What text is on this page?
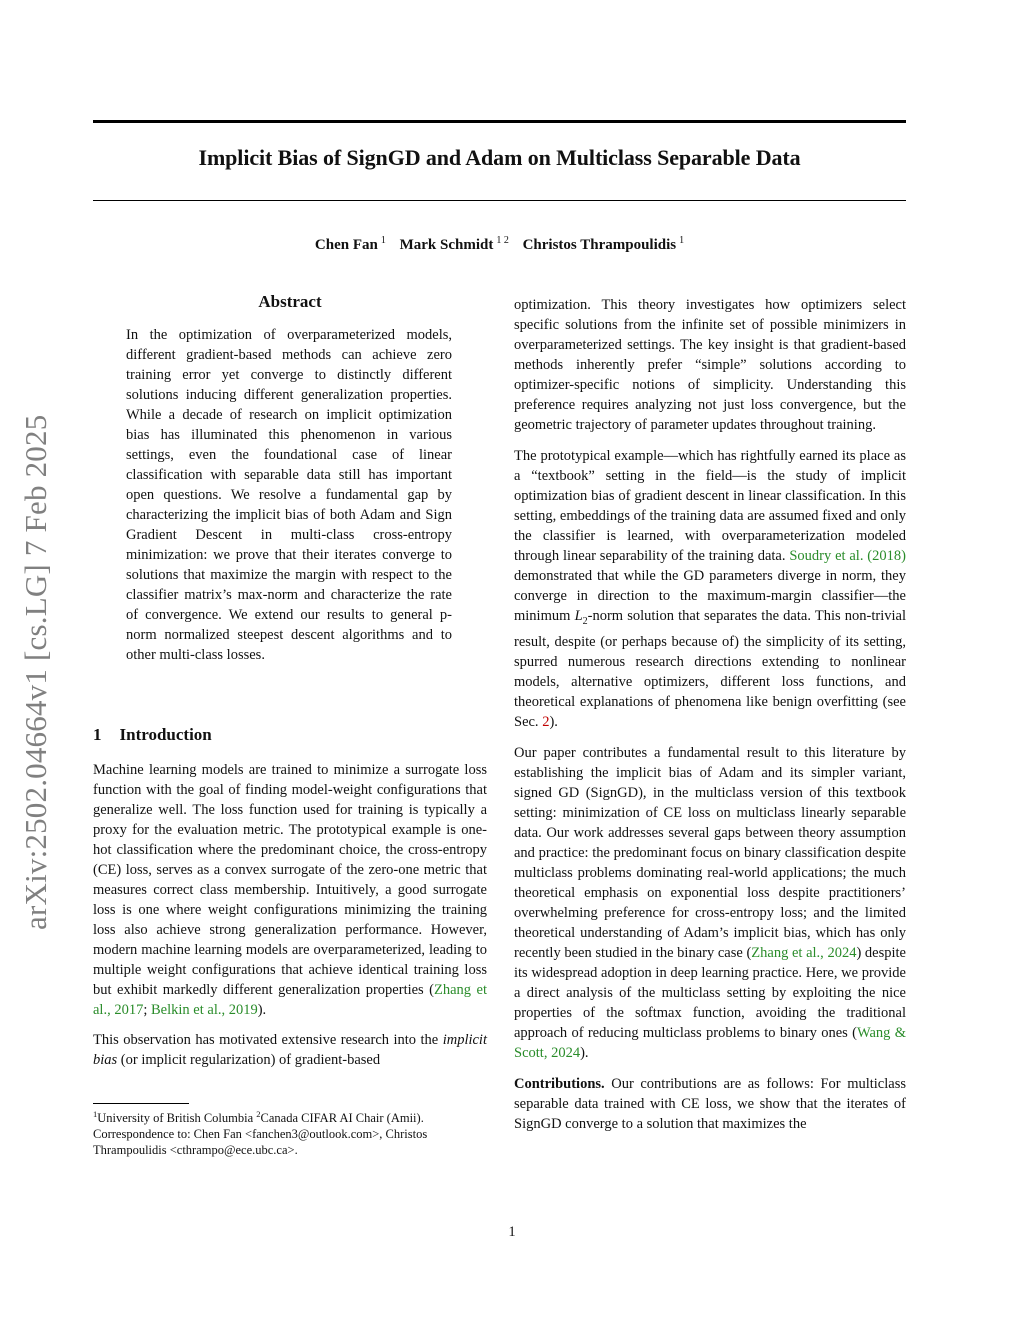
arXiv:2502.04664v1 [cs.LG] 7 Feb 2025
Implicit Bias of SignGD and Adam on Multiclass Separable Data
Chen Fan $^1$ Mark Schmidt $^{1 2}$ Christos Thrampoulidis $^1$
Abstract
In the optimization of overparameterized models, different gradient-based methods can achieve zero training error yet converge to distinctly different solutions inducing different generalization properties. While a decade of research on implicit optimization bias has illuminated this phenomenon in various settings, even the foundational case of linear classification with separable data still has important open questions. We resolve a fundamental gap by characterizing the implicit bias of both Adam and Sign Gradient Descent in multi-class cross-entropy minimization: we prove that their iterates converge to solutions that maximize the margin with respect to the classifier matrix’s max-norm and characterize the rate of convergence. We extend our results to general p-norm normalized steepest descent algorithms and to other multi-class losses.
1 Introduction

Machine learning models are trained to minimize a surrogate loss function with the goal of finding model-weight configurations that generalize well. The loss function used for training is typically a proxy for the evaluation metric. The prototypical example is one-hot classification where the predominant choice, the cross-entropy (CE) loss, serves as a convex surrogate of the zero-one metric that measures correct class membership. Intuitively, a good surrogate loss is one where weight configurations minimizing the training loss also achieve strong generalization performance. However, modern machine learning models are overparameterized, leading to multiple weight configurations that achieve identical training loss but exhibit markedly different generalization properties (Zhang et al., 2017; Belkin et al., 2019).

This observation has motivated extensive research into the implicit bias (or implicit regularization) of gradient-based

$^1$University of British Columbia $^2$Canada CIFAR AI Chair (Amii). Correspondence to: Chen Fan <fanchen3@outlook.com>, Christos Thrampoulidis <cthrampo@ece.ubc.ca>.

optimization. This theory investigates how optimizers select specific solutions from the infinite set of possible minimizers in overparameterized settings. The key insight is that gradient-based methods inherently prefer “simple” solutions according to optimizer-specific notions of simplicity. Understanding this preference requires analyzing not just loss convergence, but the geometric trajectory of parameter updates throughout training.

The prototypical example—which has rightfully earned its place as a “textbook” setting in the field—is the study of implicit optimization bias of gradient descent in linear classification. In this setting, embeddings of the training data are assumed fixed and only the classifier is learned, with overparameterization modeled through linear separability of the training data. Soudry et al. (2018) demonstrated that while the GD parameters diverge in norm, they converge in direction to the maximum-margin classifier—the minimum $L_2$-norm solution that separates the data. This non-trivial result, despite (or perhaps because of) the simplicity of its setting, spurred numerous research directions extending to nonlinear models, alternative optimizers, different loss functions, and theoretical explanations of phenomena like benign overfitting (see Sec. 2).

Our paper contributes a fundamental result to this literature by establishing the implicit bias of Adam and its simpler variant, signed GD (SignGD), in the multiclass version of this textbook setting: minimization of CE loss on multiclass linearly separable data. Our work addresses several gaps between theory assumption and practice: the predominant focus on binary classification despite multiclass problems dominating real-world applications; the much theoretical emphasis on exponential loss despite practitioners’ overwhelming preference for cross-entropy loss; and the limited theoretical understanding of Adam’s implicit bias, which has only recently been studied in the binary case (Zhang et al., 2024) despite its widespread adoption in deep learning practice. Here, we provide a direct analysis of the multiclass setting by exploiting the nice properties of the softmax function, avoiding the traditional approach of reducing multiclass problems to binary ones (Wang & Scott, 2024).

Contributions. Our contributions are as follows: For multiclass separable data trained with CE loss, we show that the iterates of SignGD converge to a solution that maximizes the

1
